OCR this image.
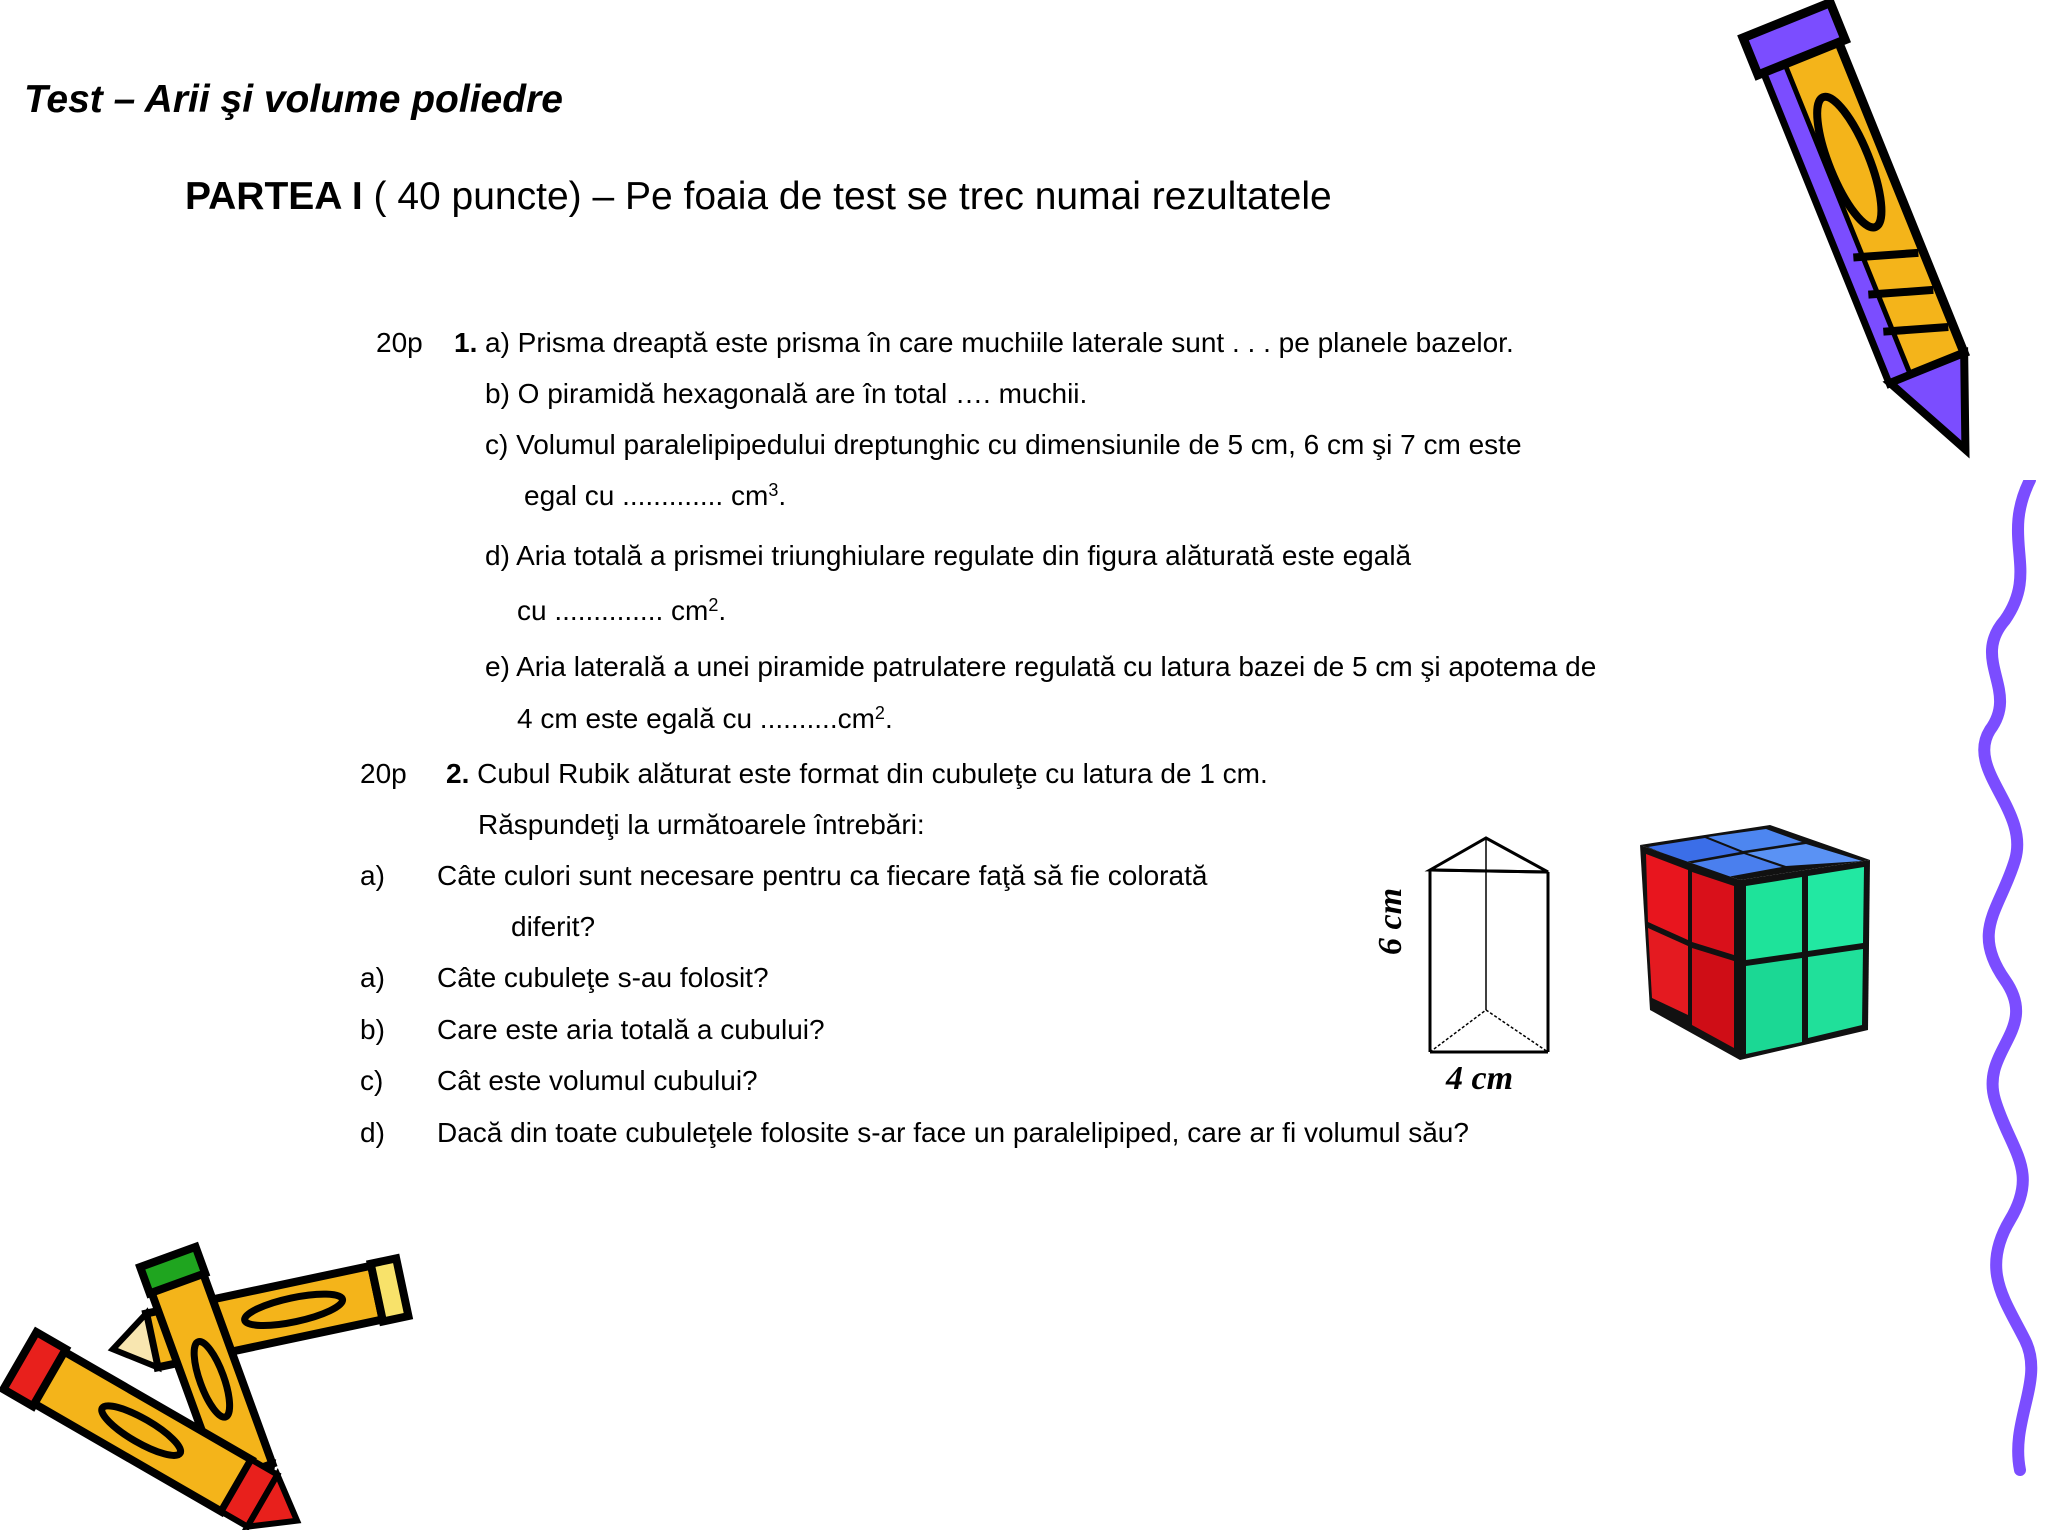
Test – Arii şi volume poliedre
PARTEA I ( 40 puncte) – Pe foaia de test se trec numai rezultatele
20p 1. a) Prisma dreaptă este prisma în care muchiile laterale sunt . . . pe planele bazelor.
b) O piramidă hexagonală are în total …. muchii.
c) Volumul paralelipipedului dreptunghic cu dimensiunile de 5 cm, 6 cm şi 7 cm este
egal cu ............. $cm^3$.
d) Aria totală a prismei triunghiulare regulate din figura alăturată este egală
cu .............. $cm^2$.
e) Aria laterală a unei piramide patrulatere regulată cu latura bazei de 5 cm şi apotema de
4 cm este egală cu $..........cm^2$.
20p 2. Cubul Rubik alăturat este format din cubuleţe cu latura de 1 cm.
Răspundeţi la următoarele întrebări:
a) Câte culori sunt necesare pentru ca fiecare faţă să fie colorată
diferit?
a) Câte cubuleţe s-au folosit?
b) Care este aria totală a cubului?
c) Cât este volumul cubului?
d) Dacă din toate cubuleţele folosite s-ar face un paralelipiped, care ar fi volumul său?
6 cm
4 cm
